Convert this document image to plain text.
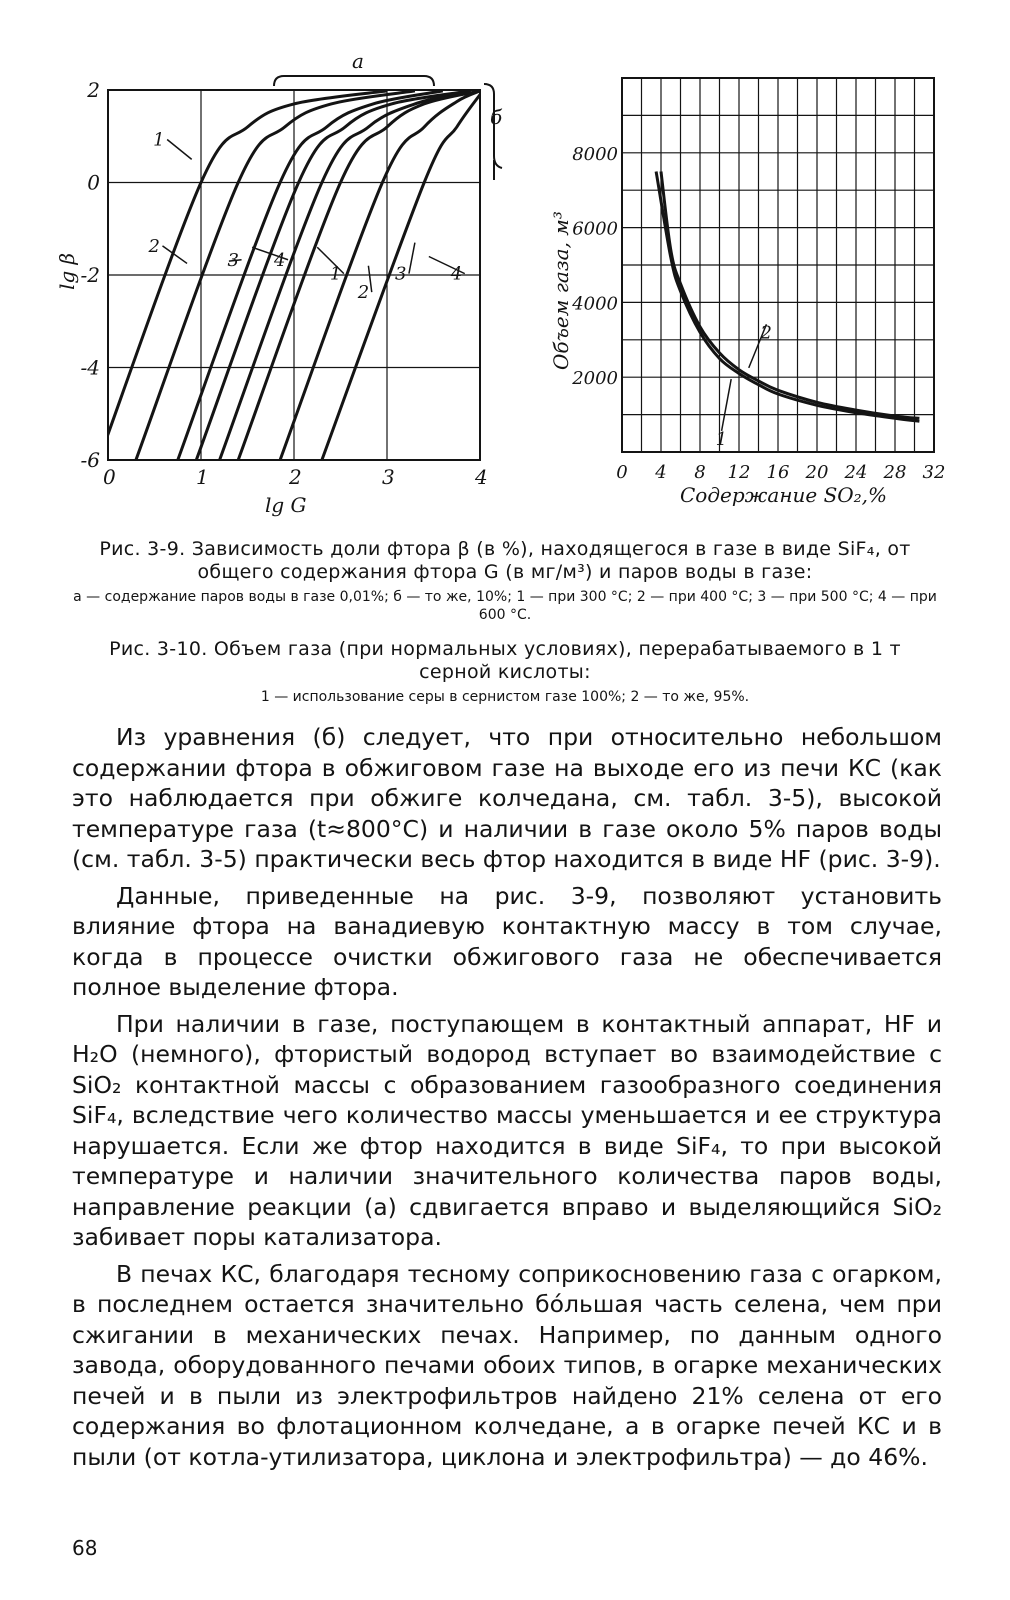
0	1	2	3	4
2
0
-2
-4
-6
1
2
3 4
1
2
3 4
а
б
lg G
lg β
0 4 8 12 16 20 24 28 32
2000
4000
6000
8000
1
2
Содержание SO₂,%
Объем газа, м³
Рис. 3-9. Зависимость доли фтора β (в %), находящегося в газе в виде SiF₄, от общего содержания фтора G (в мг/м³) и паров воды в газе:
а — содержание паров воды в газе 0,01%; б — то же, 10%; 1 — при 300 °С; 2 — при 400 °С; 3 — при 500 °С; 4 — при 600 °С.
Рис. 3-10. Объем газа (при нормальных условиях), перерабатываемого в 1 т серной кислоты:
1 — использование серы в сернистом газе 100%; 2 — то же, 95%.

Из уравнения (б) следует, что при относительно небольшом содержании фтора в обжиговом газе на выходе его из печи КС (как это наблюдается при обжиге колчедана, см. табл. 3-5), высокой температуре газа (t≈800°С) и наличии в газе около 5% паров воды (см. табл. 3-5) практически весь фтор находится в виде HF (рис. 3-9).

Данные, приведенные на рис. 3-9, позволяют установить влияние фтора на ванадиевую контактную массу в том случае, когда в процессе очистки обжигового газа не обеспечивается полное выделение фтора.

При наличии в газе, поступающем в контактный аппарат, HF и H₂O (немного), фтористый водород вступает во взаимодействие с SiO₂ контактной массы с образованием газообразного соединения SiF₄, вследствие чего количество массы уменьшается и ее структура нарушается. Если же фтор находится в виде SiF₄, то при высокой температуре и наличии значительного количества паров воды, направление реакции (а) сдвигается вправо и выделяющийся SiO₂ забивает поры катализатора.

В печах КС, благодаря тесному соприкосновению газа с огарком, в последнем остается значительно бо́льшая часть селена, чем при сжигании в механических печах. Например, по данным одного завода, оборудованного печами обоих типов, в огарке механических печей и в пыли из электрофильтров найдено 21% селена от его содержания во флотационном колчедане, а в огарке печей КС и в пыли (от котла-утилизатора, циклона и электрофильтра) — до 46%.

68
